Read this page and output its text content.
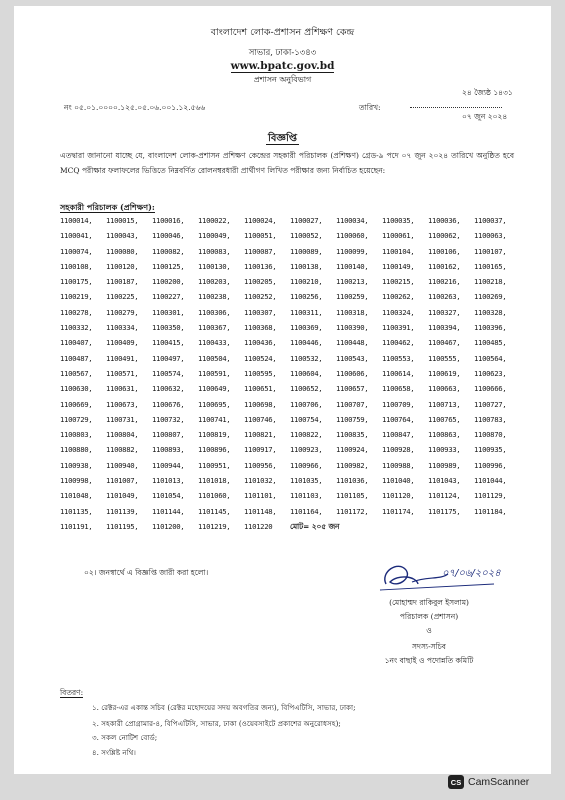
বাংলাদেশ লোক-প্রশাসন প্রশিক্ষণ কেন্দ্র
সাভার, ঢাকা-১৩৪৩
www.bpatc.gov.bd
প্রশাসন অনুবিভাগ
২৪ জ্যৈষ্ঠ ১৪৩১
নং ০৫.০১.০০০০.১২৫.০৫.০৬.০০১.১২.৫৬৬	তারিখ:
০৭ জুন ২০২৪
বিজ্ঞপ্তি
এতদ্বারা জানানো যাচ্ছে যে, বাংলাদেশ লোক-প্রশাসন প্রশিক্ষণ কেন্দ্রের সহকারী পরিচালক (প্রশিক্ষণ) গ্রেড-৯ পদে ০৭ জুন ২০২৪ তারিখে অনুষ্ঠিত হবে MCQ পরীক্ষার ফলাফলের ভিত্তিতে নিম্নবর্ণিত রোলনম্বরধারী প্রার্থীগণ লিখিত পরীক্ষার জন্য নির্বাচিত হয়েছেন:
সহকারী পরিচালক (প্রশিক্ষণ):
1100014,	1100015,	1100016,	1100022,	1100024,	1100027,	1100034,	1100035,	1100036,	1100037,
1100041,	1100043,	1100046,	1100049,	1100051,	1100052,	1100060,	1100061,	1100062,	1100063,
1100074,	1100080,	1100082,	1100083,	1100087,	1100089,	1100099,	1100104,	1100106,	1100107,
1100108,	1100120,	1100125,	1100130,	1100136,	1100138,	1100140,	1100149,	1100162,	1100165,
1100175,	1100187,	1100200,	1100203,	1100205,	1100210,	1100213,	1100215,	1100216,	1100218,
1100219,	1100225,	1100227,	1100238,	1100252,	1100256,	1100259,	1100262,	1100263,	1100269,
1100278,	1100279,	1100301,	1100306,	1100307,	1100311,	1100318,	1100324,	1100327,	1100328,
1100332,	1100334,	1100350,	1100367,	1100368,	1100369,	1100390,	1100391,	1100394,	1100396,
1100407,	1100409,	1100415,	1100433,	1100436,	1100446,	1100448,	1100462,	1100467,	1100485,
1100487,	1100491,	1100497,	1100504,	1100524,	1100532,	1100543,	1100553,	1100555,	1100564,
1100567,	1100571,	1100574,	1100591,	1100595,	1100604,	1100606,	1100614,	1100619,	1100623,
1100630,	1100631,	1100632,	1100649,	1100651,	1100652,	1100657,	1100658,	1100663,	1100666,
1100669,	1100673,	1100676,	1100695,	1100698,	1100706,	1100707,	1100709,	1100713,	1100727,
1100729,	1100731,	1100732,	1100741,	1100746,	1100754,	1100759,	1100764,	1100765,	1100783,
1100803,	1100804,	1100807,	1100819,	1100821,	1100822,	1100835,	1100847,	1100863,	1100870,
1100880,	1100882,	1100893,	1100896,	1100917,	1100923,	1100924,	1100928,	1100933,	1100935,
1100938,	1100940,	1100944,	1100951,	1100956,	1100966,	1100982,	1100988,	1100989,	1100996,
1100998,	1101007,	1101013,	1101018,	1101032,	1101035,	1101036,	1101040,	1101043,	1101044,
1101048,	1101049,	1101054,	1101060,	1101101,	1101103,	1101105,	1101120,	1101124,	1101129,
1101135,	1101139,	1101144,	1101145,	1101148,	1101164,	1101172,	1101174,	1101175,	1101184,
1101191,	1101195,	1101200,	1101219,	1101220	মোট= ২০৫ জন
০২। জনস্বার্থে এ বিজ্ঞপ্তি জারী করা হলো।	০৭/০৬/২০২৪
(মোহাম্মদ রাকিবুল ইসলাম)
পরিচালক (প্রশাসন)
ও
সদস্য-সচিব
১নং বাছাই ও পদোন্নতি কমিটি
বিতরণ:
১. রেক্টর-এর একান্ত সচিব (রেক্টর মহোদয়ের সদয় অবগতির জন্য), বিপিএটিসি, সাভার, ঢাকা;
২. সহকারী প্রোগ্রামার-৪, বিপিএটিসি, সাভার, ঢাকা (ওয়েবসাইটে প্রকাশের অনুরোধসহ);
৩. সকল নোটিশ বোর্ড;
৪. সংশ্লিষ্ট নথি।
CS CamScanner
